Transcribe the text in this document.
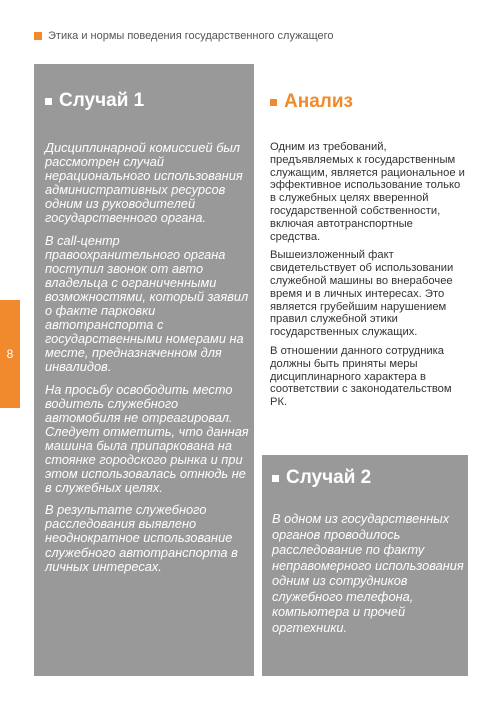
Этика и нормы поведения государственного служащего
8
Случай 1

Дисциплинарной комиссией был рассмотрен случай нерационального использования административных ресурсов одним из руководителей государственного органа.

В call-центр правоохранительного органа поступил звонок от авто владельца с ограниченными возможностями, который заявил о факте парковки автотранспорта с государственными номерами на месте, предназначенном для инвалидов.

На просьбу освободить место водитель служебного автомобиля не отреагировал. Следует отметить, что данная машина была припаркована на стоянке городского рынка и при этом использовалась отнюдь не в служебных целях.

В результате служебного расследования выявлено неоднократное использование служебного автотранспорта в личных интересах.

Анализ

Одним из требований, предъявляемых к государственным служащим, является рациональное и эффективное использование только в служебных целях вверенной государственной собственности, включая автотранспортные средства.

Вышеизложенный факт свидетельствует об использовании служебной машины во внерабочее время и в личных интересах. Это является грубейшим нарушением правил служебной этики государственных служащих.

В отношении данного сотрудника должны быть приняты меры дисциплинарного характера в соответствии с законодательством РК.

Случай 2

В одном из государственных органов проводилось расследование по факту неправомерного использования одним из сотрудников служебного телефона, компьютера и прочей оргтехники.
